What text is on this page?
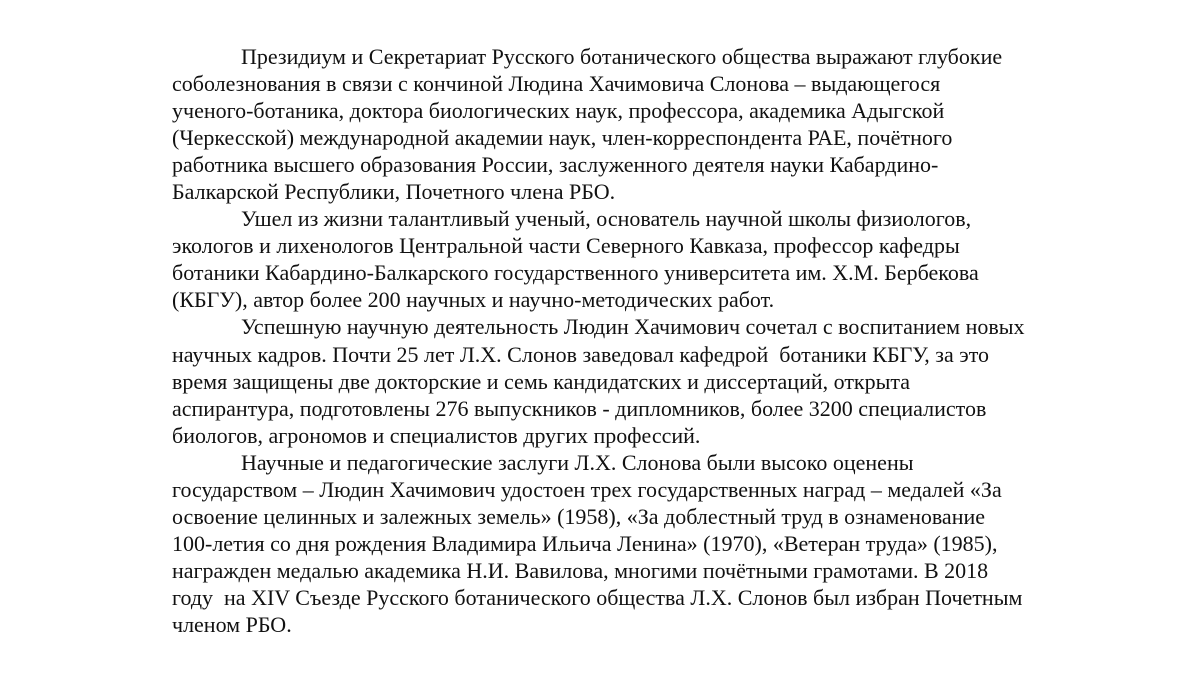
Президиум и Секретариат Русского ботанического общества выражают глубокие
соболезнования в связи с кончиной Людина Хачимовича Слонова – выдающегося
ученого-ботаника, доктора биологических наук, профессора, академика Адыгской
(Черкесской) международной академии наук, член-корреспондента РАЕ, почётного
работника высшего образования России, заслуженного деятеля науки Кабардино-
Балкарской Республики, Почетного члена РБО.
Ушел из жизни талантливый ученый, основатель научной школы физиологов,
экологов и лихенологов Центральной части Северного Кавказа, профессор кафедры
ботаники Кабардино-Балкарского государственного университета им. Х.М. Бербекова
(КБГУ), автор более 200 научных и научно-методических работ.
Успешную научную деятельность Людин Хачимович сочетал с воспитанием новых
научных кадров. Почти 25 лет Л.Х. Слонов заведовал кафедрой  ботаники КБГУ, за это
время защищены две докторские и семь кандидатских и диссертаций, открыта
аспирантура, подготовлены 276 выпускников - дипломников, более 3200 специалистов
биологов, агрономов и специалистов других профессий.
Научные и педагогические заслуги Л.Х. Слонова были высоко оценены
государством – Людин Хачимович удостоен трех государственных наград – медалей «За
освоение целинных и залежных земель» (1958), «За доблестный труд в ознаменование
100-летия со дня рождения Владимира Ильича Ленина» (1970), «Ветеран труда» (1985),
награжден медалью академика Н.И. Вавилова, многими почётными грамотами. В 2018
году  на XIV Съезде Русского ботанического общества Л.Х. Слонов был избран Почетным
членом РБО.
